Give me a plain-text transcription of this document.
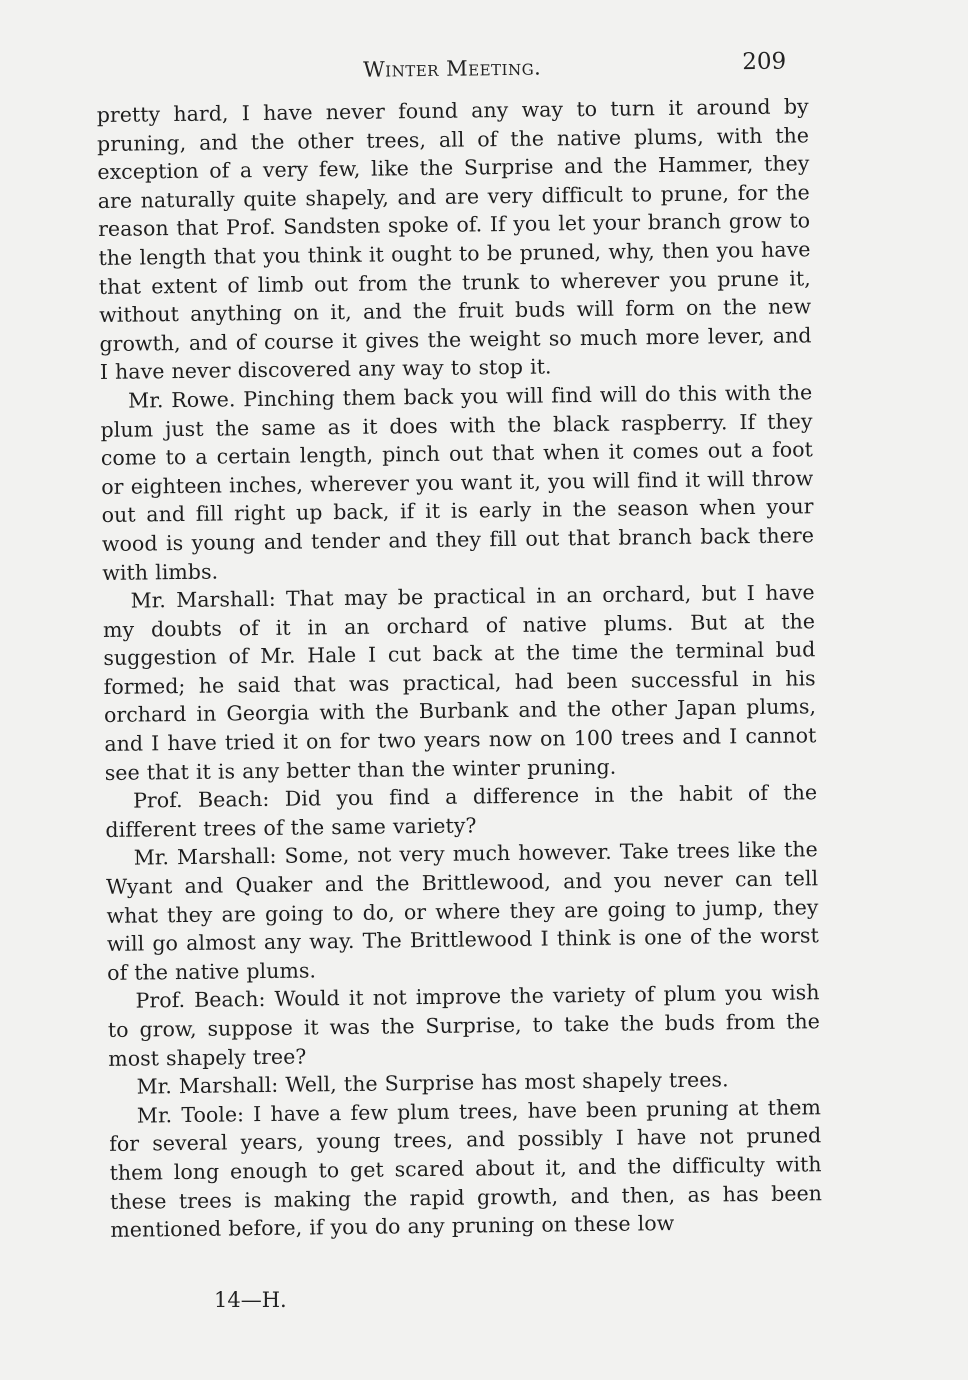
Winter Meeting.	209

pretty hard, I have never found any way to turn it around by pruning, and the other trees, all of the native plums, with the exception of a very few, like the Surprise and the Hammer, they are naturally quite shapely, and are very difficult to prune, for the reason that Prof. Sandsten spoke of. If you let your branch grow to the length that you think it ought to be pruned, why, then you have that extent of limb out from the trunk to wherever you prune it, without anything on it, and the fruit buds will form on the new growth, and of course it gives the weight so much more lever, and I have never discovered any way to stop it.

Mr. Rowe. Pinching them back you will find will do this with the plum just the same as it does with the black raspberry. If they come to a certain length, pinch out that when it comes out a foot or eighteen inches, wherever you want it, you will find it will throw out and fill right up back, if it is early in the season when your wood is young and tender and they fill out that branch back there with limbs.

Mr. Marshall: That may be practical in an orchard, but I have my doubts of it in an orchard of native plums. But at the suggestion of Mr. Hale I cut back at the time the terminal bud formed; he said that was practical, had been successful in his orchard in Georgia with the Burbank and the other Japan plums, and I have tried it on for two years now on 100 trees and I cannot see that it is any better than the winter pruning.

Prof. Beach: Did you find a difference in the habit of the different trees of the same variety?

Mr. Marshall: Some, not very much however. Take trees like the Wyant and Quaker and the Brittlewood, and you never can tell what they are going to do, or where they are going to jump, they will go almost any way. The Brittlewood I think is one of the worst of the native plums.

Prof. Beach: Would it not improve the variety of plum you wish to grow, suppose it was the Surprise, to take the buds from the most shapely tree?

Mr. Marshall: Well, the Surprise has most shapely trees.

Mr. Toole: I have a few plum trees, have been pruning at them for several years, young trees, and possibly I have not pruned them long enough to get scared about it, and the difficulty with these trees is making the rapid growth, and then, as has been mentioned before, if you do any pruning on these low

14—H.
